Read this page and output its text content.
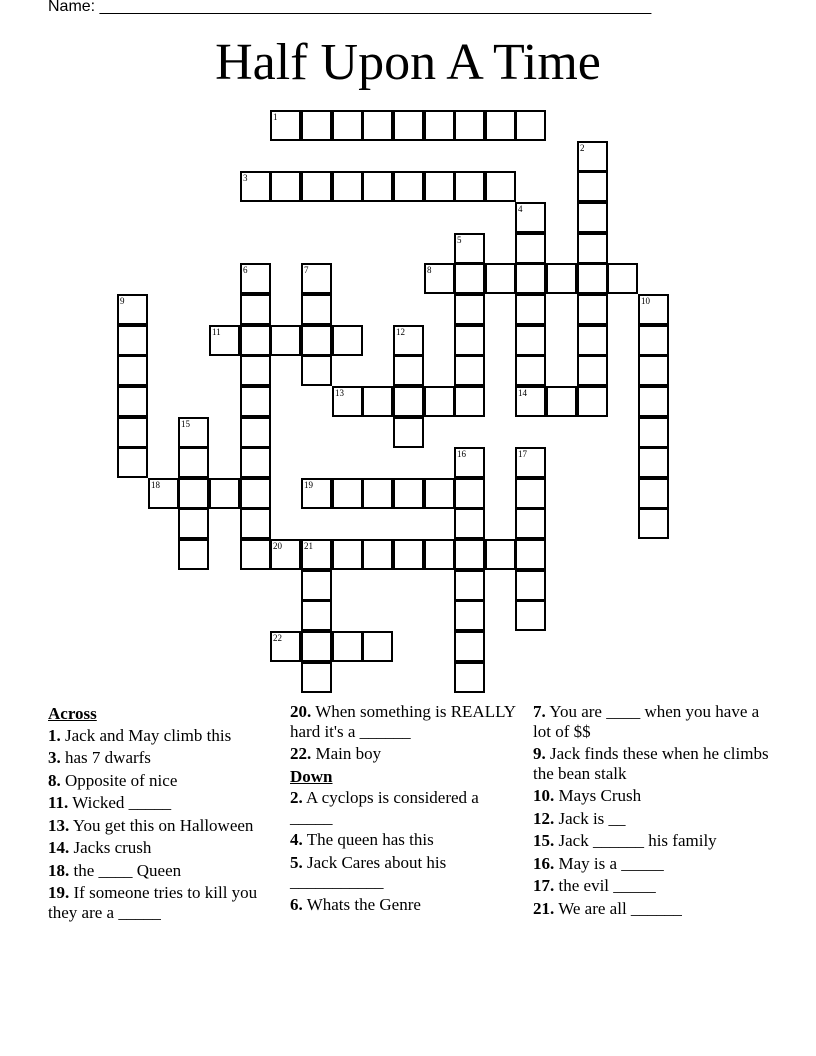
Name: ______________________________________________________________
Half Upon A Time
1
3
8
11
13	14
18	19
20 21
22
2
4
5
6	7
9	10
12
15
16	17
Across
1. Jack and May climb this
3. has 7 dwarfs
8. Opposite of nice
11. Wicked _____
13. You get this on Halloween
14. Jacks crush
18. the ____ Queen
19. If someone tries to kill you they are a _____
20. When something is REALLY hard it's a ______
22. Main boy
Down
2. A cyclops is considered a _____
4. The queen has this
5. Jack Cares about his ___________
6. Whats the Genre
7. You are ____ when you have a lot of $$
9. Jack finds these when he climbs the bean stalk
10. Mays Crush
12. Jack is __
15. Jack ______ his family
16. May is a _____
17. the evil _____
21. We are all ______
